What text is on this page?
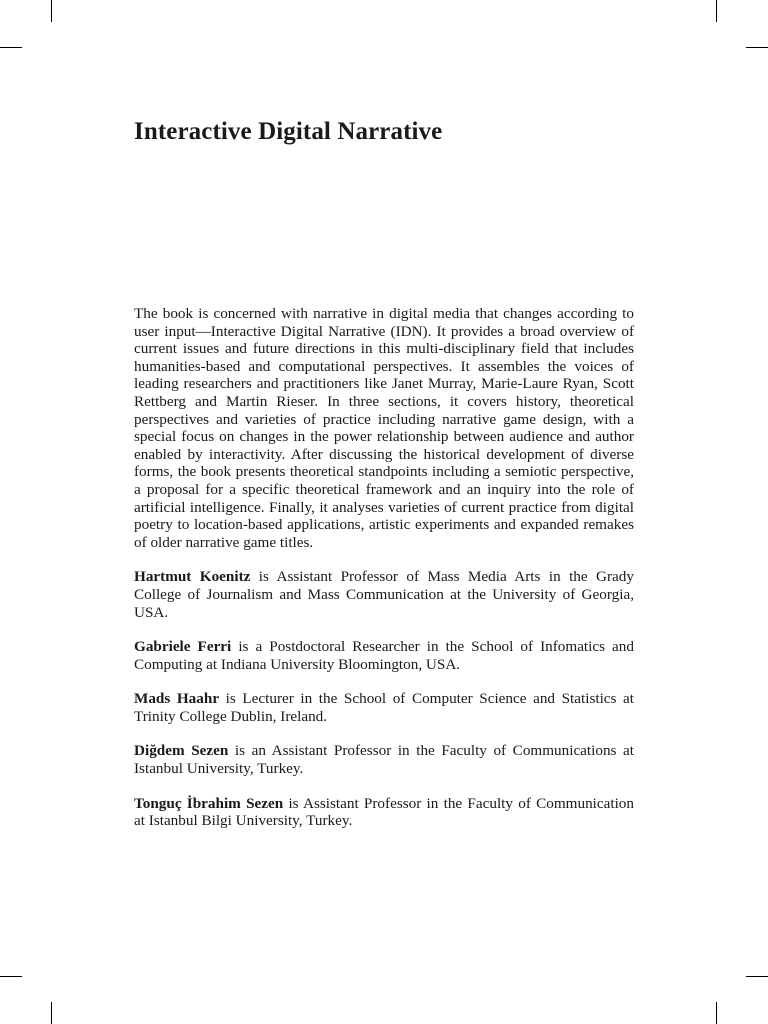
Interactive Digital Narrative

The book is concerned with narrative in digital media that changes according to user input—Interactive Digital Narrative (IDN). It provides a broad overview of current issues and future directions in this multi-disciplinary field that includes humanities-based and computational perspectives. It assembles the voices of leading researchers and practitioners like Janet Murray, Marie-Laure Ryan, Scott Rettberg and Martin Rieser. In three sections, it covers history, theoretical perspectives and varieties of practice including narrative game design, with a special focus on changes in the power relationship between audience and author enabled by interactivity. After discussing the historical development of diverse forms, the book presents theoretical standpoints including a semiotic perspective, a proposal for a specific theoretical framework and an inquiry into the role of artificial intelligence. Finally, it analyses varieties of current practice from digital poetry to location-based applications, artistic experiments and expanded remakes of older narrative game titles.

Hartmut Koenitz is Assistant Professor of Mass Media Arts in the Grady College of Journalism and Mass Communication at the University of Georgia, USA.

Gabriele Ferri is a Postdoctoral Researcher in the School of Infomatics and Computing at Indiana University Bloomington, USA.

Mads Haahr is Lecturer in the School of Computer Science and Statistics at Trinity College Dublin, Ireland.

Diğdem Sezen is an Assistant Professor in the Faculty of Communications at Istanbul University, Turkey.

Tonguç İbrahim Sezen is Assistant Professor in the Faculty of Communication at Istanbul Bilgi University, Turkey.
